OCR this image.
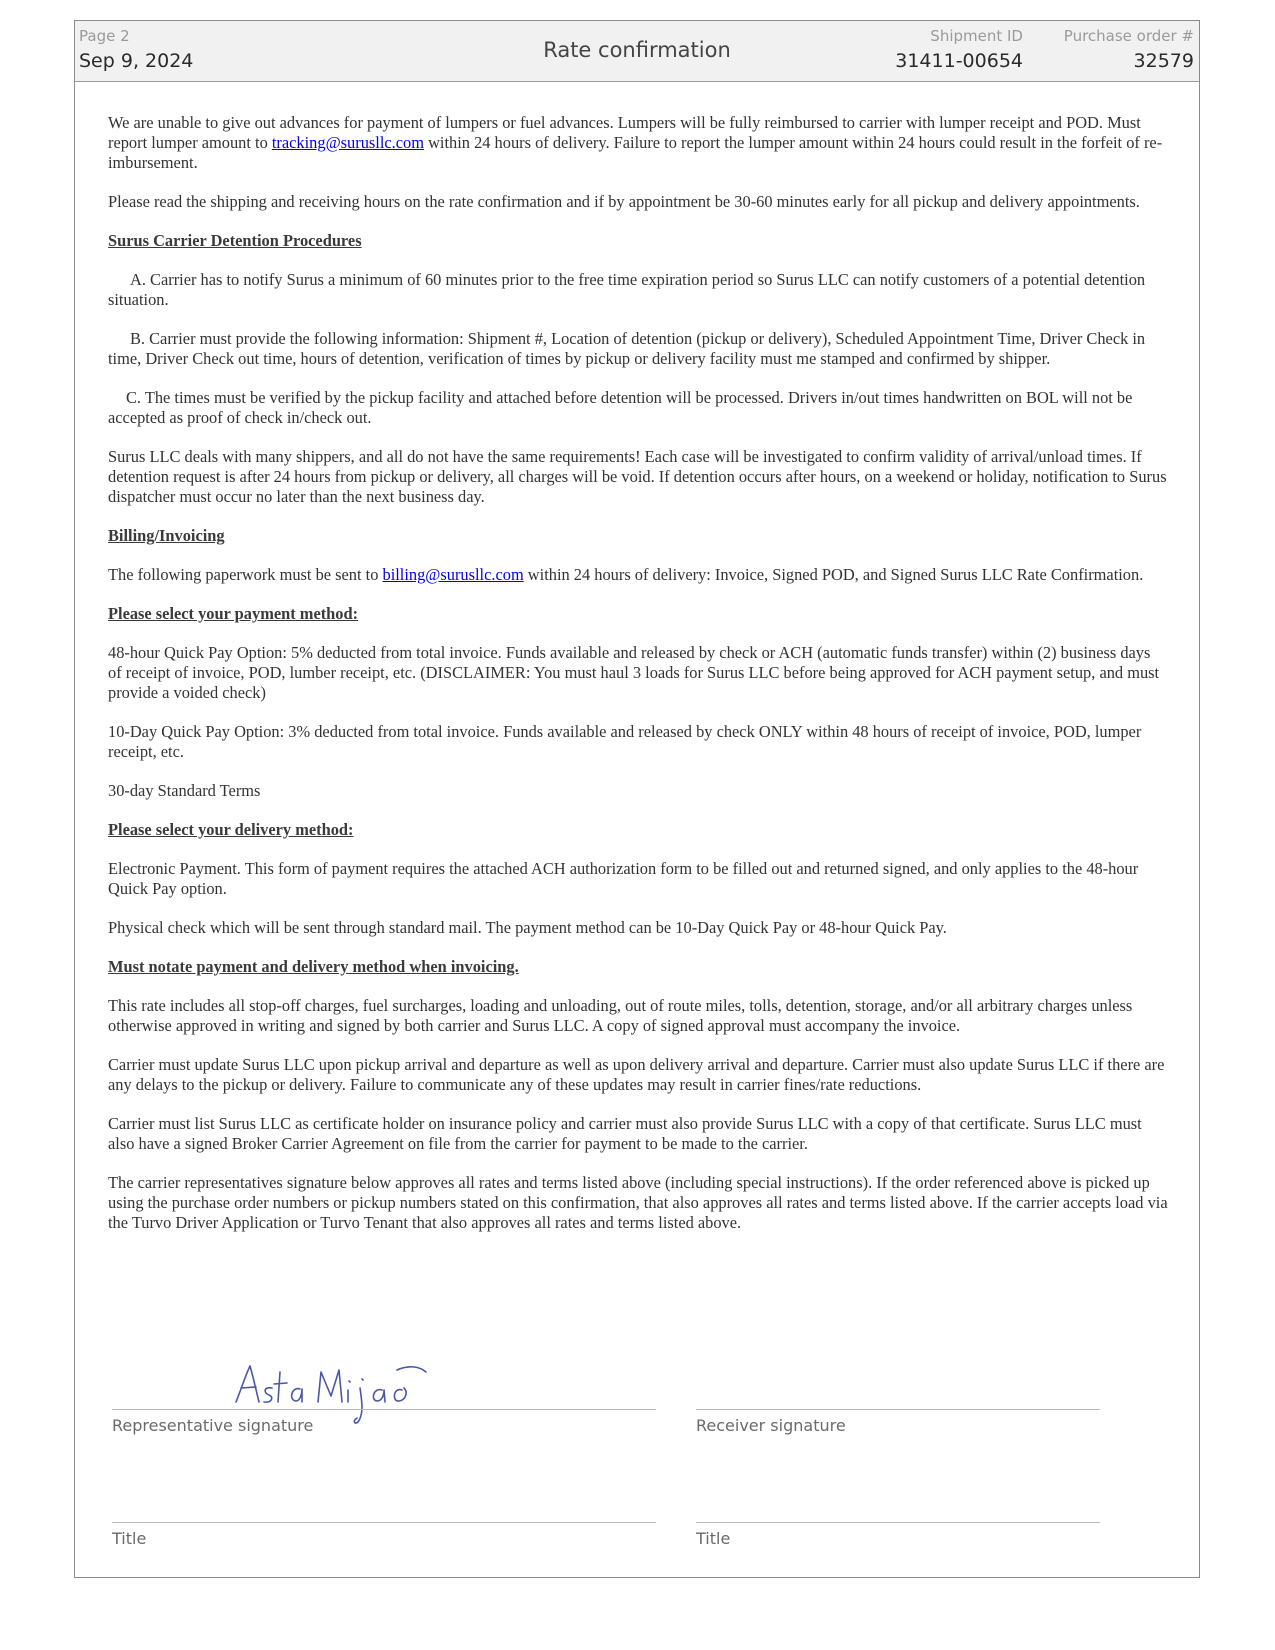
Page 2
Sep 9, 2024	Rate confirmation
Shipment ID
31411-00654
Purchase order #
32579

We are unable to give out advances for payment of lumpers or fuel advances. Lumpers will be fully reimbursed to carrier with lumper receipt and POD. Must report lumper amount to tracking@surusllc.com within 24 hours of delivery. Failure to report the lumper amount within 24 hours could result in the forfeit of re-imbursement.

Please read the shipping and receiving hours on the rate confirmation and if by appointment be 30-60 minutes early for all pickup and delivery appointments.

Surus Carrier Detention Procedures

A. Carrier has to notify Surus a minimum of 60 minutes prior to the free time expiration period so Surus LLC can notify customers of a potential detention situation.

B. Carrier must provide the following information: Shipment #, Location of detention (pickup or delivery), Scheduled Appointment Time, Driver Check in time, Driver Check out time, hours of detention, verification of times by pickup or delivery facility must me stamped and confirmed by shipper.

C. The times must be verified by the pickup facility and attached before detention will be processed. Drivers in/out times handwritten on BOL will not be accepted as proof of check in/check out.

Surus LLC deals with many shippers, and all do not have the same requirements! Each case will be investigated to confirm validity of arrival/unload times. If detention request is after 24 hours from pickup or delivery, all charges will be void. If detention occurs after hours, on a weekend or holiday, notification to Surus dispatcher must occur no later than the next business day.

Billing/Invoicing

The following paperwork must be sent to billing@surusllc.com within 24 hours of delivery: Invoice, Signed POD, and Signed Surus LLC Rate Confirmation.

Please select your payment method:

48-hour Quick Pay Option: 5% deducted from total invoice. Funds available and released by check or ACH (automatic funds transfer) within (2) business days of receipt of invoice, POD, lumber receipt, etc. (DISCLAIMER: You must haul 3 loads for Surus LLC before being approved for ACH payment setup, and must provide a voided check)

10-Day Quick Pay Option: 3% deducted from total invoice. Funds available and released by check ONLY within 48 hours of receipt of invoice, POD, lumper receipt, etc.

30-day Standard Terms

Please select your delivery method:

Electronic Payment. This form of payment requires the attached ACH authorization form to be filled out and returned signed, and only applies to the 48-hour Quick Pay option.

Physical check which will be sent through standard mail. The payment method can be 10-Day Quick Pay or 48-hour Quick Pay.

Must notate payment and delivery method when invoicing.

This rate includes all stop-off charges, fuel surcharges, loading and unloading, out of route miles, tolls, detention, storage, and/or all arbitrary charges unless otherwise approved in writing and signed by both carrier and Surus LLC. A copy of signed approval must accompany the invoice.

Carrier must update Surus LLC upon pickup arrival and departure as well as upon delivery arrival and departure. Carrier must also update Surus LLC if there are any delays to the pickup or delivery. Failure to communicate any of these updates may result in carrier fines/rate reductions.

Carrier must list Surus LLC as certificate holder on insurance policy and carrier must also provide Surus LLC with a copy of that certificate. Surus LLC must also have a signed Broker Carrier Agreement on file from the carrier for payment to be made to the carrier.

The carrier representatives signature below approves all rates and terms listed above (including special instructions). If the order referenced above is picked up using the purchase order numbers or pickup numbers stated on this confirmation, that also approves all rates and terms listed above. If the carrier accepts load via the Turvo Driver Application or Turvo Tenant that also approves all rates and terms listed above.

Representative signature	Receiver signature
Title	Title
